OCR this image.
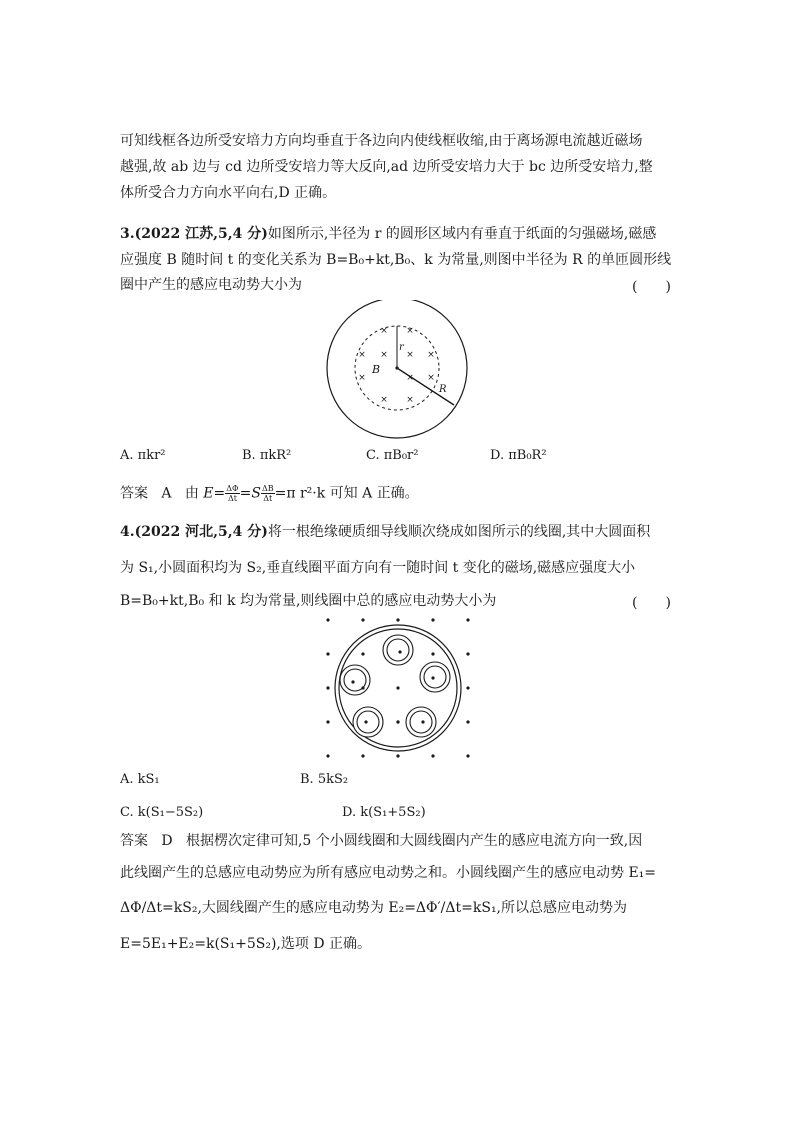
可知线框各边所受安培力方向均垂直于各边向内使线框收缩,由于离场源电流越近磁场
越强,故 ab 边与 cd 边所受安培力等大反向,ad 边所受安培力大于 bc 边所受安培力,整
体所受合力方向水平向右,D 正确。
3.(2022 江苏,5,4 分)如图所示,半径为 r 的圆形区域内有垂直于纸面的匀强磁场,磁感
应强度 B 随时间 t 的变化关系为 B=B₀+kt,B₀、k 为常量,则图中半径为 R 的单匝圆形线
圈中产生的感应电动势大小为	(　　)
× ×
× × × ×
×	× ×
× ×
r
B
R
A. πkr²	B. πkR²	C. πB₀r²	D. πB₀R²
答案 A 由 $E= \frac{\Delta\Phi}{\Delta t} =S \frac{\Delta B}{\Delta t} =\pi$ r²·k 可知 A 正确。
4.(2022 河北,5,4 分)将一根绝缘硬质细导线顺次绕成如图所示的线圈,其中大圆面积
为 S₁,小圆面积均为 S₂,垂直线圈平面方向有一随时间 t 变化的磁场,磁感应强度大小
B=B₀+kt,B₀ 和 k 均为常量,则线圈中总的感应电动势大小为	(　　)
A. kS₁	B. 5kS₂
C. k(S₁−5S₂)	D. k(S₁+5S₂)
答案 D 根据楞次定律可知,5 个小圆线圈和大圆线圈内产生的感应电流方向一致,因
此线圈产生的总感应电动势应为所有感应电动势之和。小圆线圈产生的感应电动势 E₁=
ΔΦ/Δt=kS₂,大圆线圈产生的感应电动势为 E₂=ΔΦ′/Δt=kS₁,所以总感应电动势为
E=5E₁+E₂=k(S₁+5S₂),选项 D 正确。
